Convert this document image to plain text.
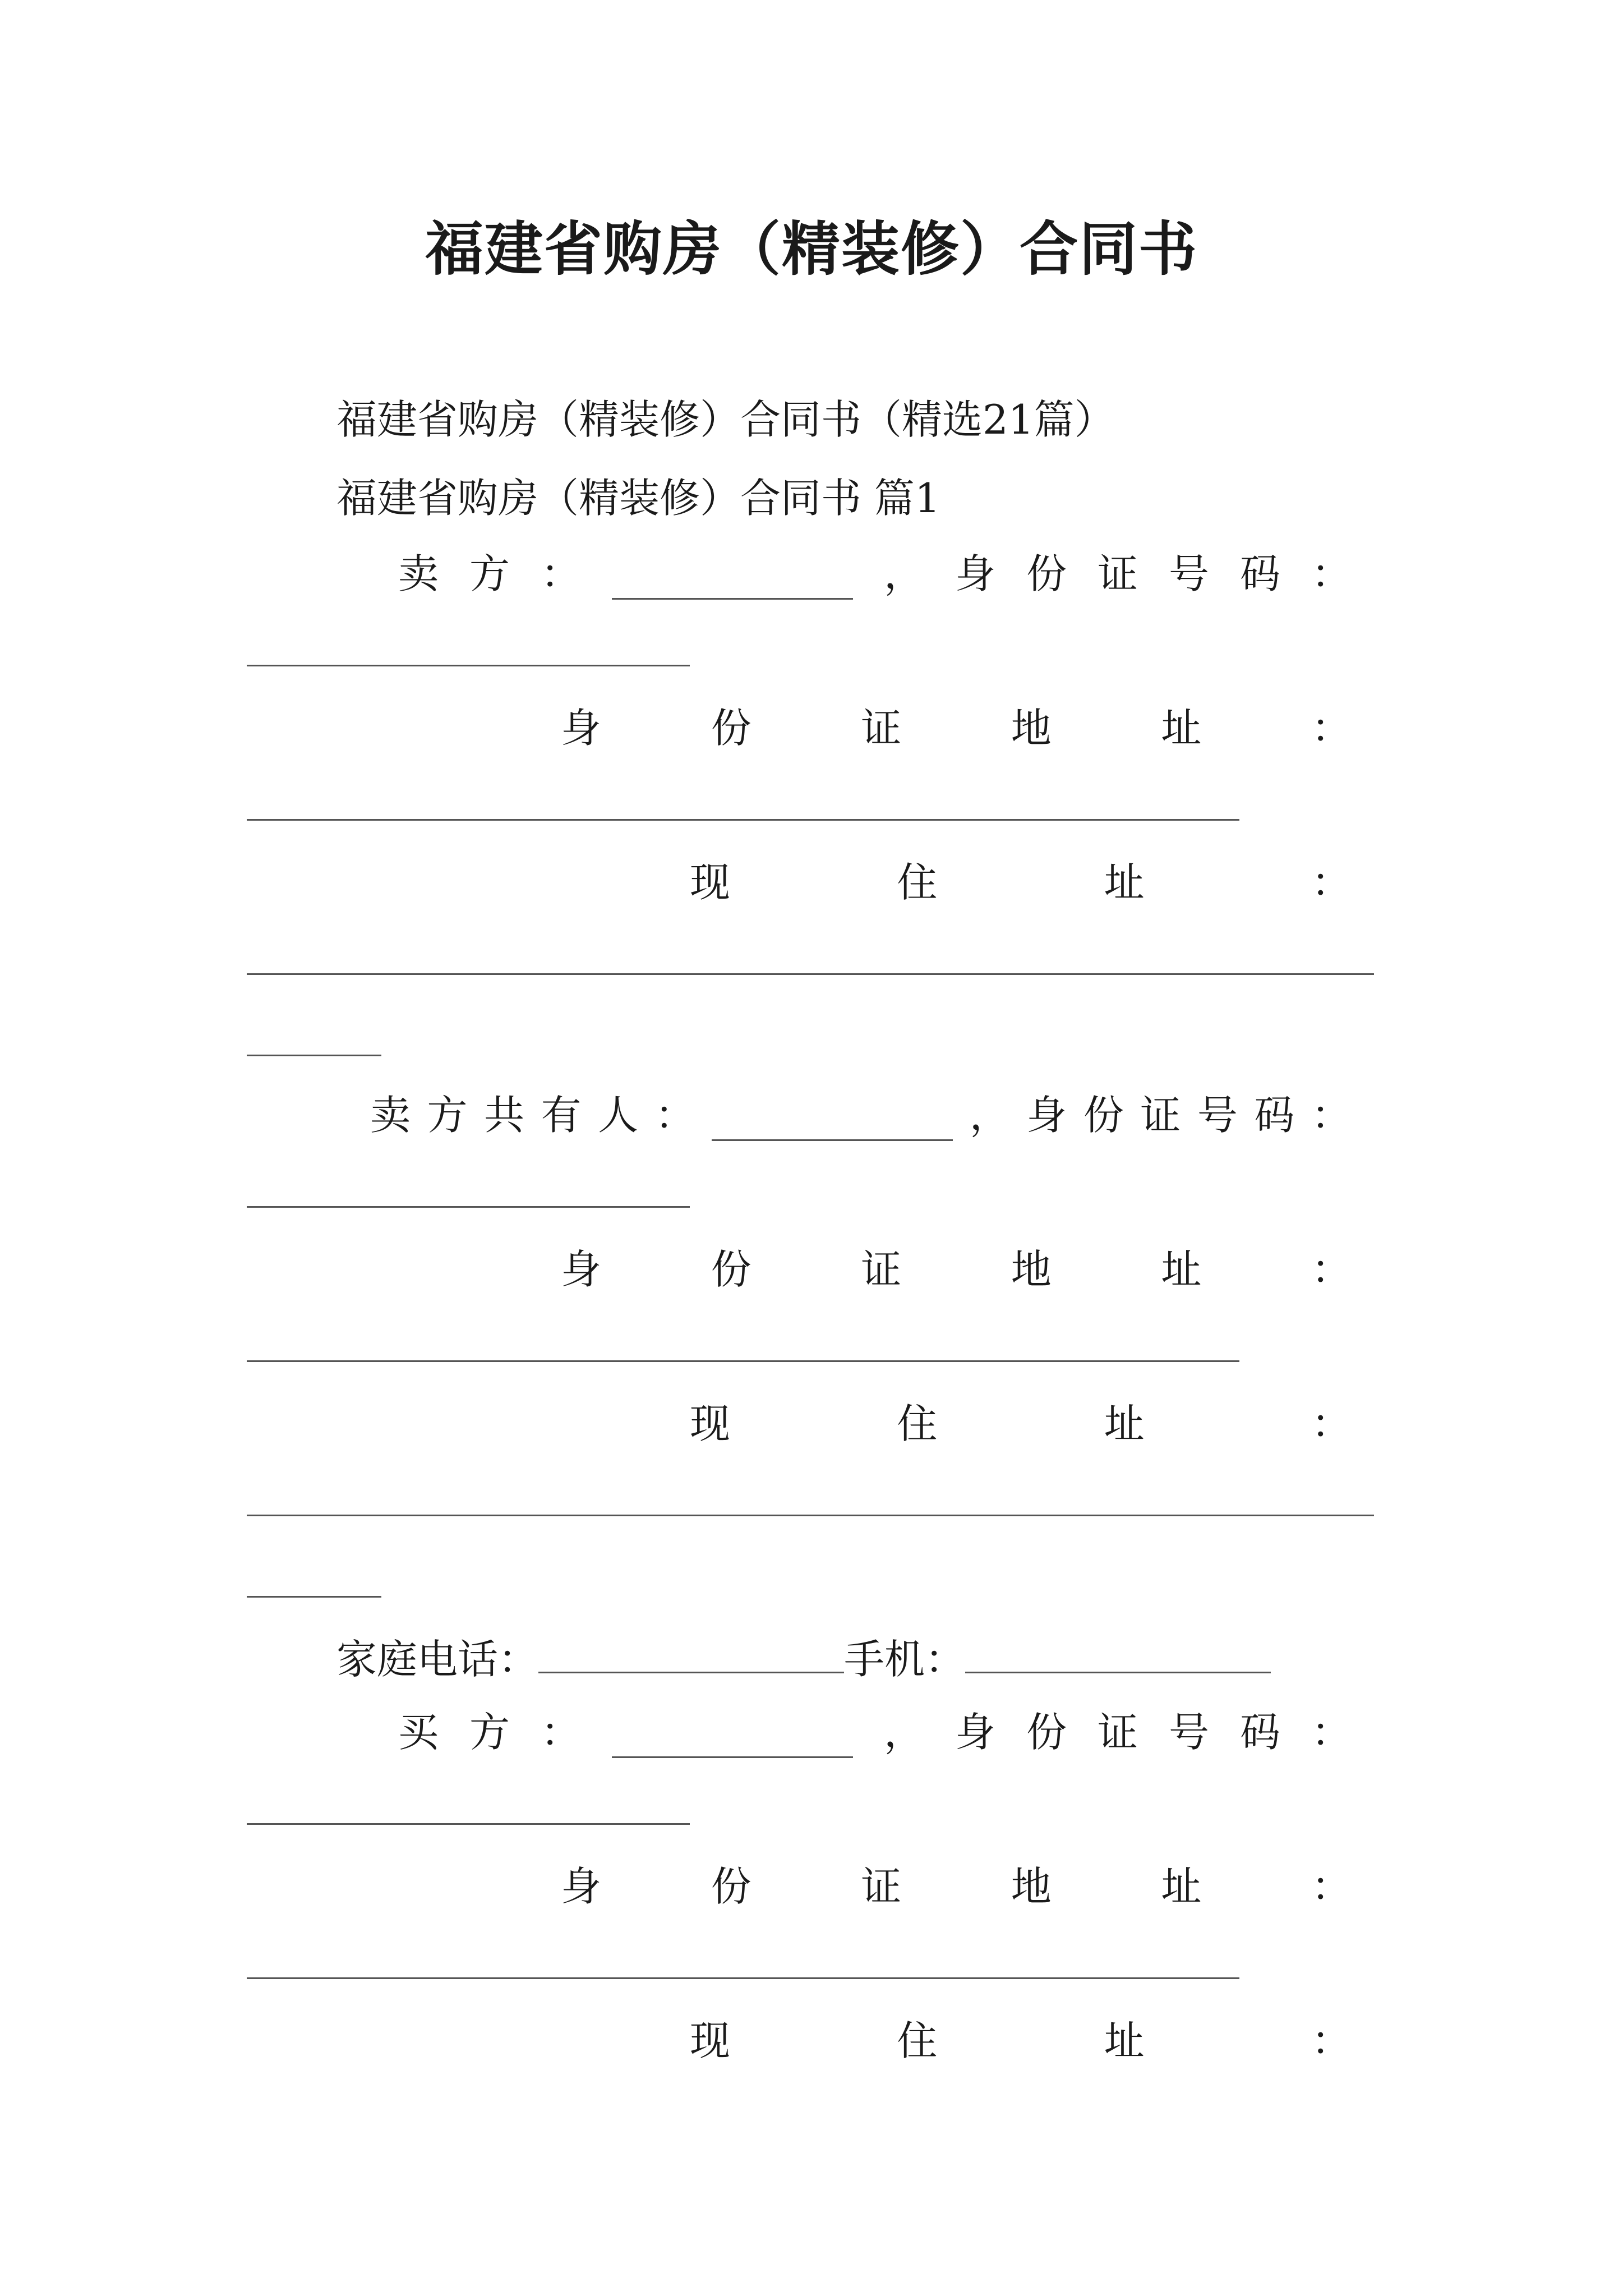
福建省购房（精装修）合同书
福建省购房（精装修）合同书（精选21篇）
福建省购房（精装修）合同书 篇1
卖 方 ：	， 身 份 证 号 码 ：
身	份	证	地	址	：
现	住	址	：
卖 方 共 有 人 ：	， 身 份 证 号 码 ：
身	份	证	地	址	：
现	住	址	：
家庭电话：	手机：
买 方 ：	， 身 份 证 号 码 ：
身	份	证	地	址	：
现	住	址	：
